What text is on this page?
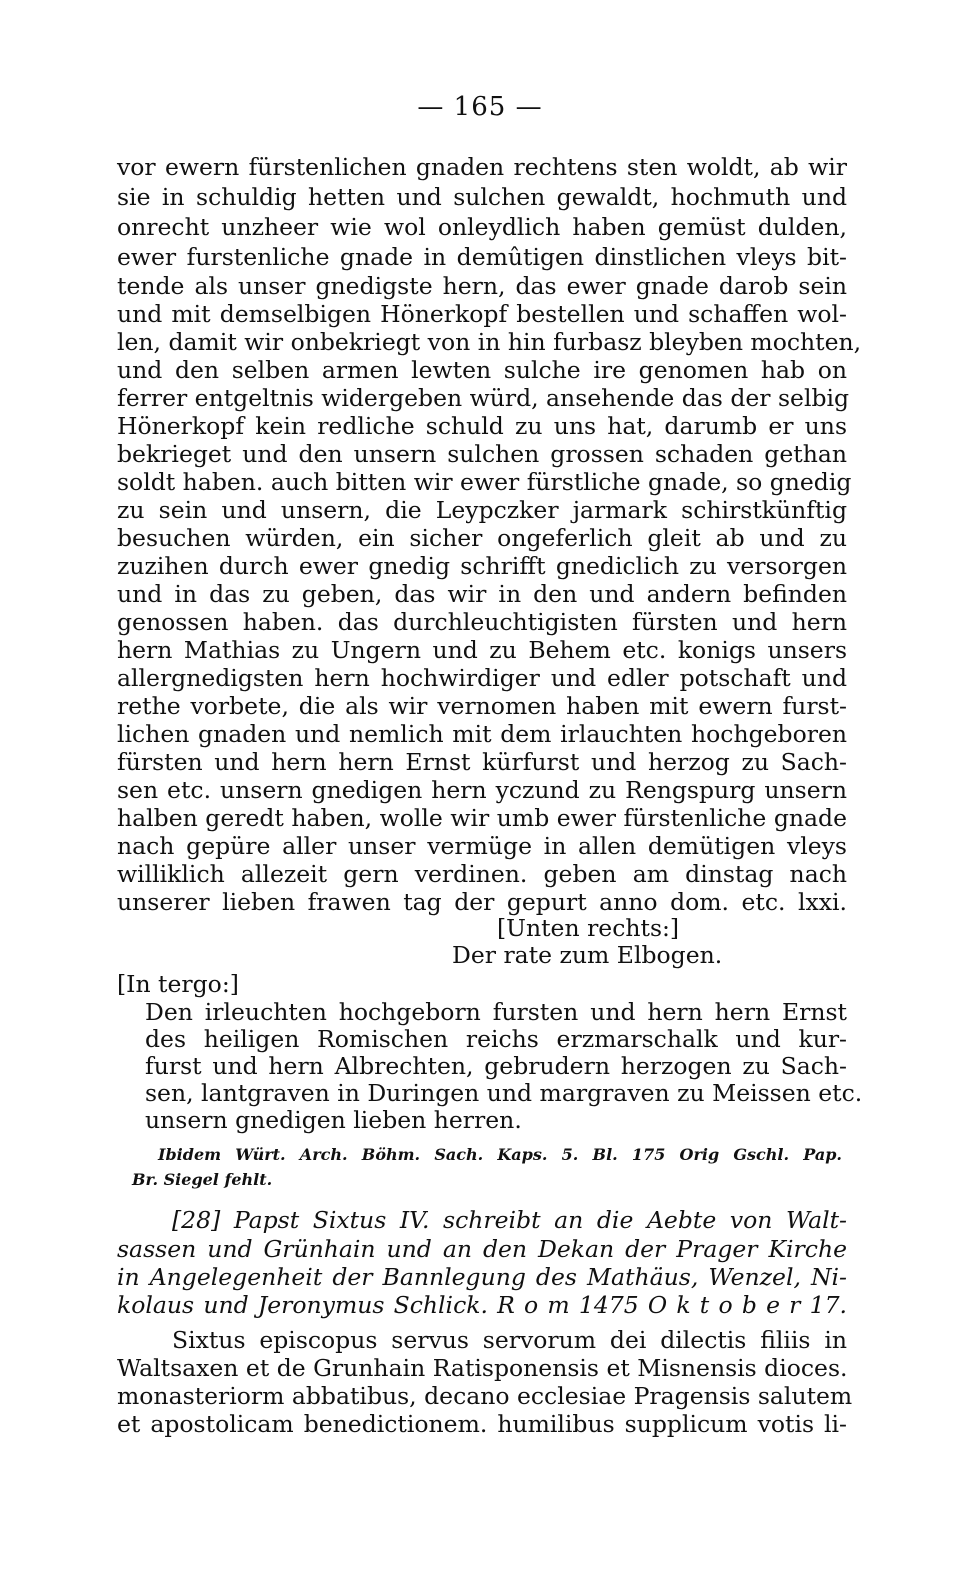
— 165 —
vor ewern fürstenlichen gnaden rechtens sten woldt, ab wir
sie in schuldig hetten und sulchen gewaldt, hochmuth und
onrecht unzheer wie wol onleydlich haben gemüst dulden,
ewer furstenliche gnade in demûtigen dinstlichen vleys bit-
tende als unser gnedigste hern, das ewer gnade darob sein
und mit demselbigen Hönerkopf bestellen und schaffen wol-
len, damit wir onbekriegt von in hin furbasz bleyben mochten,
und den selben armen lewten sulche ire genomen hab on
ferrer entgeltnis widergeben würd, ansehende das der selbig
Hönerkopf kein redliche schuld zu uns hat, darumb er uns
bekrieget und den unsern sulchen grossen schaden gethan
soldt haben. auch bitten wir ewer fürstliche gnade, so gnedig
zu sein und unsern, die Leypczker jarmark schirstkünftig
besuchen würden, ein sicher ongeferlich gleit ab und zu
zuzihen durch ewer gnedig schrifft gnediclich zu versorgen
und in das zu geben, das wir in den und andern befinden
genossen haben. das durchleuchtigisten fürsten und hern
hern Mathias zu Ungern und zu Behem etc. konigs unsers
allergnedigsten hern hochwirdiger und edler potschaft und
rethe vorbete, die als wir vernomen haben mit ewern furst-
lichen gnaden und nemlich mit dem irlauchten hochgeboren
fürsten und hern hern Ernst kürfurst und herzog zu Sach-
sen etc. unsern gnedigen hern yczund zu Rengspurg unsern
halben geredt haben, wolle wir umb ewer fürstenliche gnade
nach gepüre aller unser vermüge in allen demütigen vleys
williklich allezeit gern verdinen. geben am dinstag nach
unserer lieben frawen tag der gepurt anno dom. etc. lxxi.
[Unten rechts:]
Der rate zum Elbogen.
[In tergo:]
Den irleuchten hochgeborn fursten und hern hern Ernst
des heiligen Romischen reichs erzmarschalk und kur-
furst und hern Albrechten, gebrudern herzogen zu Sach-
sen, lantgraven in Duringen und margraven zu Meissen etc.
unsern gnedigen lieben herren.
Ibidem Würt. Arch. Böhm. Sach. Kaps. 5. Bl. 175 Orig Gschl. Pap.
Br. Siegel fehlt.
[28] Papst Sixtus IV. schreibt an die Aebte von Walt-
sassen und Grünhain und an den Dekan der Prager Kirche
in Angelegenheit der Bannlegung des Mathäus, Wenzel, Ni-
kolaus und Jeronymus Schlick. R o m 1475 O k t o b e r 17.
Sixtus episcopus servus servorum dei dilectis filiis in
Waltsaxen et de Grunhain Ratisponensis et Misnensis dioces.
monasteriorm abbatibus, decano ecclesiae Pragensis salutem
et apostolicam benedictionem. humilibus supplicum votis li-
